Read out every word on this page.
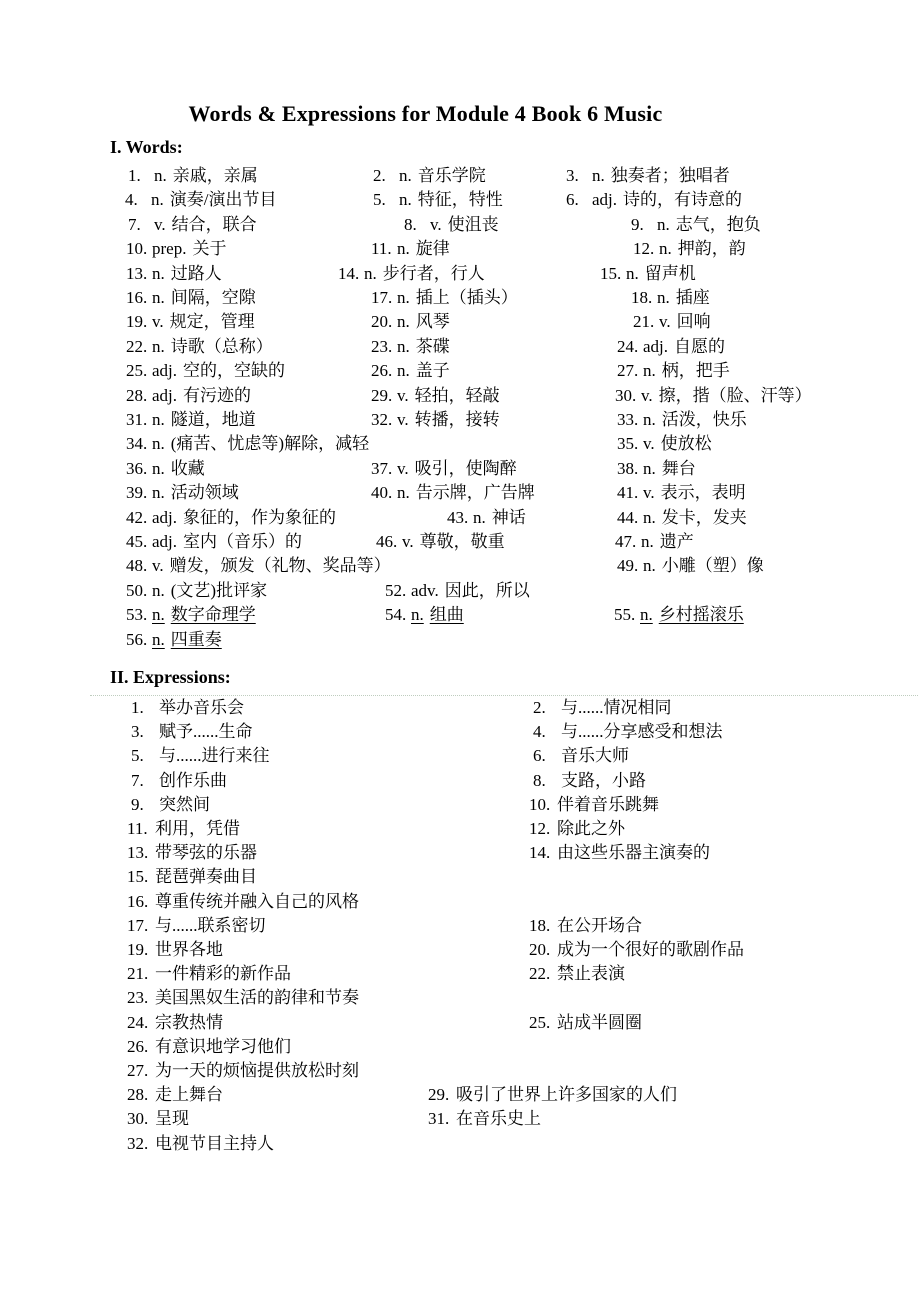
Words & Expressions for Module 4 Book 6 Music
I. Words:
1. n. 亲戚，亲属	2. n. 音乐学院	3. n. 独奏者；独唱者
4. n. 演奏/演出节目	5. n. 特征，特性	6. adj. 诗的，有诗意的
7. v. 结合，联合	8. v. 使沮丧	9. n. 志气，抱负
10. prep. 关于	11. n. 旋律	12. n. 押韵，韵
13. n. 过路人	14. n. 步行者，行人	15. n. 留声机
16. n. 间隔，空隙	17. n. 插上（插头）	18. n. 插座
19. v. 规定，管理	20. n. 风琴	21. v. 回响
22. n. 诗歌（总称）	23. n. 茶碟	24. adj. 自愿的
25. adj. 空的，空缺的	26. n. 盖子	27. n. 柄，把手
28. adj. 有污迹的	29. v. 轻拍，轻敲	30. v. 擦，揩（脸、汗等）
31. n. 隧道，地道	32. v. 转播，接转	33. n. 活泼，快乐
34. n. (痛苦、忧虑等)解除，减轻	35. v. 使放松
36. n. 收藏	37. v. 吸引，使陶醉	38. n. 舞台
39. n. 活动领域	40. n. 告示牌，广告牌	41. v. 表示，表明
42. adj. 象征的，作为象征的	43. n. 神话	44. n. 发卡，发夹
45. adj. 室内（音乐）的	46. v. 尊敬，敬重	47. n. 遗产
48. v. 赠发，颁发（礼物、奖品等）	49. n. 小雕（塑）像
50. n. (文艺)批评家	52. adv. 因此，所以
53. n. 数字命理学	54. n. 组曲	55. n. 乡村摇滚乐
56. n. 四重奏
II. Expressions:
1. 举办音乐会	2. 与......情况相同
3. 赋予......生命	4. 与......分享感受和想法
5. 与......进行来往	6. 音乐大师
7. 创作乐曲	8. 支路，小路
9. 突然间	10. 伴着音乐跳舞
11. 利用，凭借	12. 除此之外
13. 带琴弦的乐器	14. 由这些乐器主演奏的
15. 琵琶弹奏曲目
16. 尊重传统并融入自己的风格
17. 与......联系密切	18. 在公开场合
19. 世界各地	20. 成为一个很好的歌剧作品
21. 一件精彩的新作品	22. 禁止表演
23. 美国黑奴生活的韵律和节奏
24. 宗教热情	25. 站成半圆圈
26. 有意识地学习他们
27. 为一天的烦恼提供放松时刻
28. 走上舞台	29. 吸引了世界上许多国家的人们
30. 呈现	31. 在音乐史上
32. 电视节目主持人
